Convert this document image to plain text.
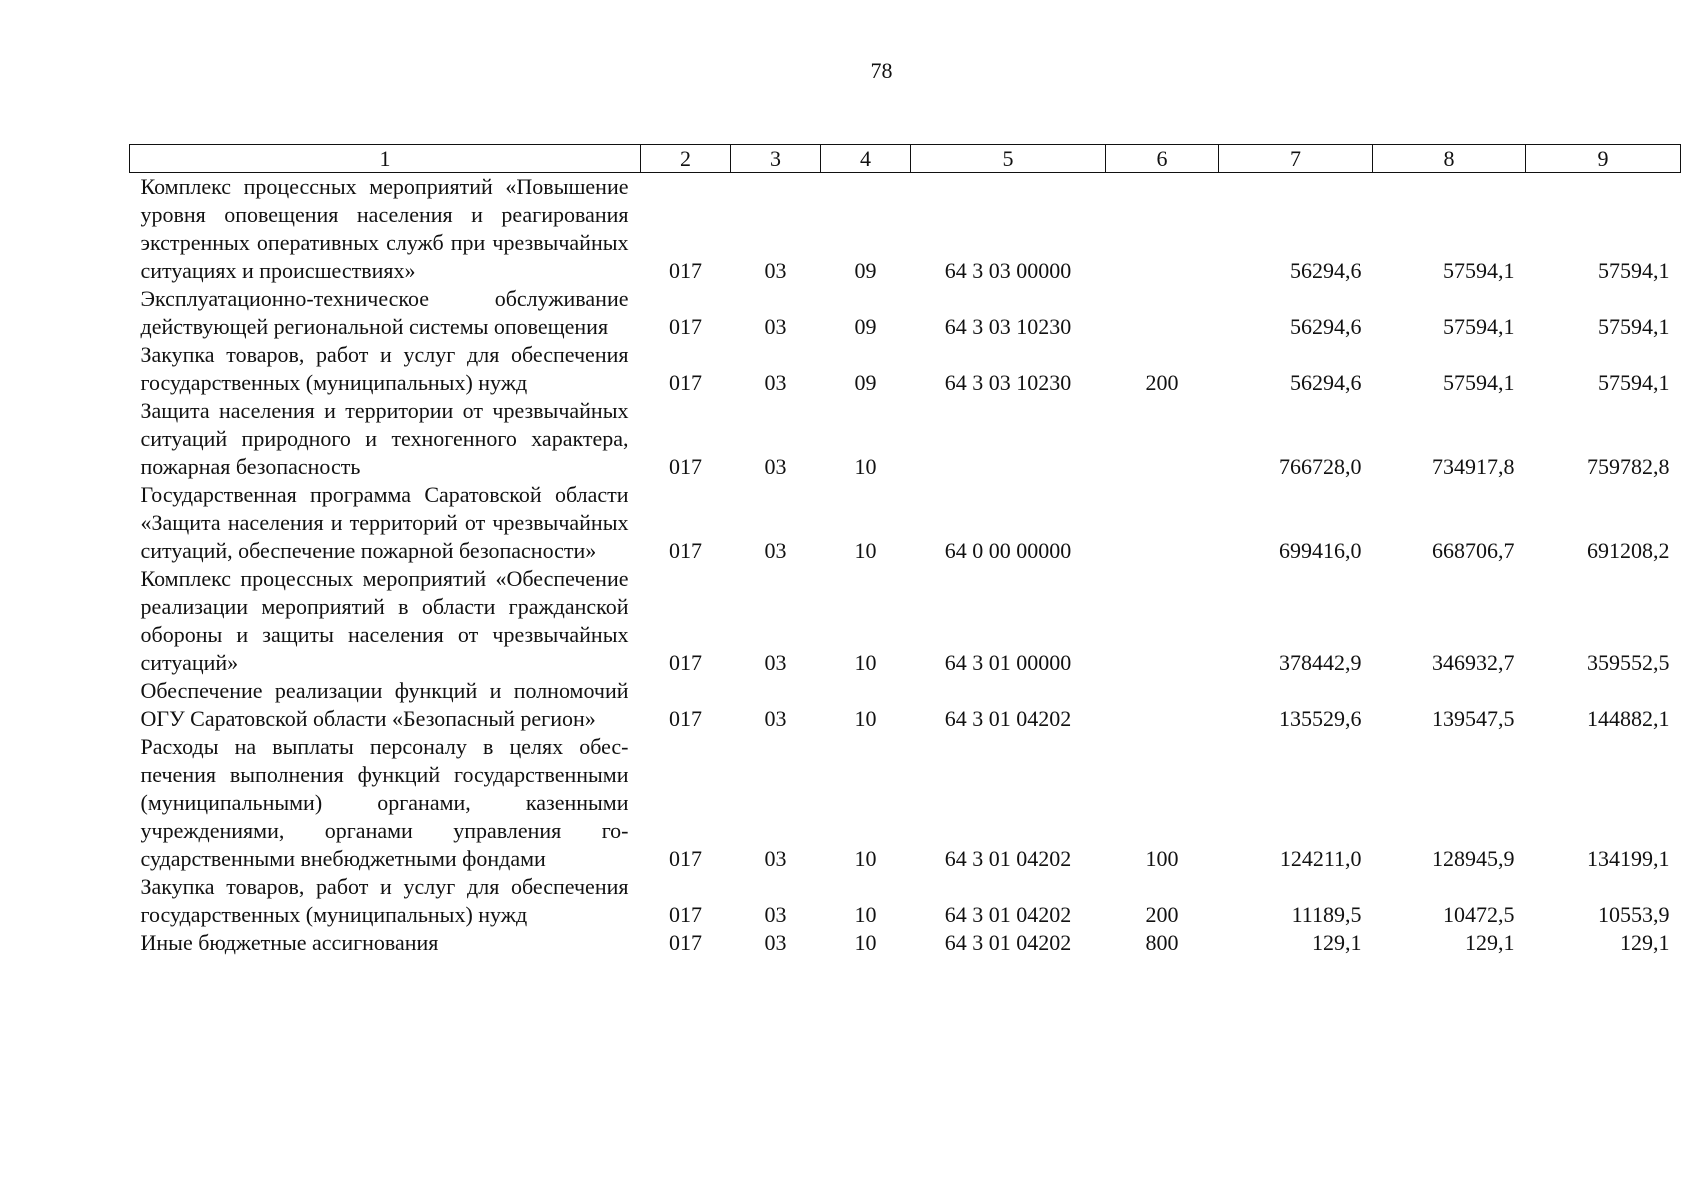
78
1	2	3	4	5	6	7	8	9
Комплекс процессных мероприятий «Повышение уровня оповещения населения и реагирования экстренных оперативных служб при чрезвычайных ситуациях и происшествиях»	017	03	09	64 3 03 00000		56294,6	57594,1	57594,1
Эксплуатационно-техническое обслуживание действующей региональной системы оповещения	017	03	09	64 3 03 10230		56294,6	57594,1	57594,1
Закупка товаров, работ и услуг для обеспечения государственных (муниципальных) нужд	017	03	09	64 3 03 10230	200	56294,6	57594,1	57594,1
Защита населения и территории от чрезвычайных ситуаций природного и техногенного характера, пожарная безопасность	017	03	10			766728,0	734917,8	759782,8
Государственная программа Саратовской области «Защита населения и территорий от чрезвычайных ситуаций, обеспечение пожарной безопасности»	017	03	10	64 0 00 00000		699416,0	668706,7	691208,2
Комплекс процессных мероприятий «Обеспечение реализации мероприятий в области гражданской обороны и защиты населения от чрезвычайных ситуаций»	017	03	10	64 3 01 00000		378442,9	346932,7	359552,5
Обеспечение реализации функций и полномочий ОГУ Саратовской области «Безопасный регион»	017	03	10	64 3 01 04202		135529,6	139547,5	144882,1
Расходы на выплаты персоналу в целях обеспечения выполнения функций государственными (муниципальными) органами, казенными учреждениями, органами управления государственными внебюджетными фондами	017	03	10	64 3 01 04202	100	124211,0	128945,9	134199,1
Закупка товаров, работ и услуг для обеспечения государственных (муниципальных) нужд	017	03	10	64 3 01 04202	200	11189,5	10472,5	10553,9
Иные бюджетные ассигнования	017	03	10	64 3 01 04202	800	129,1	129,1	129,1
